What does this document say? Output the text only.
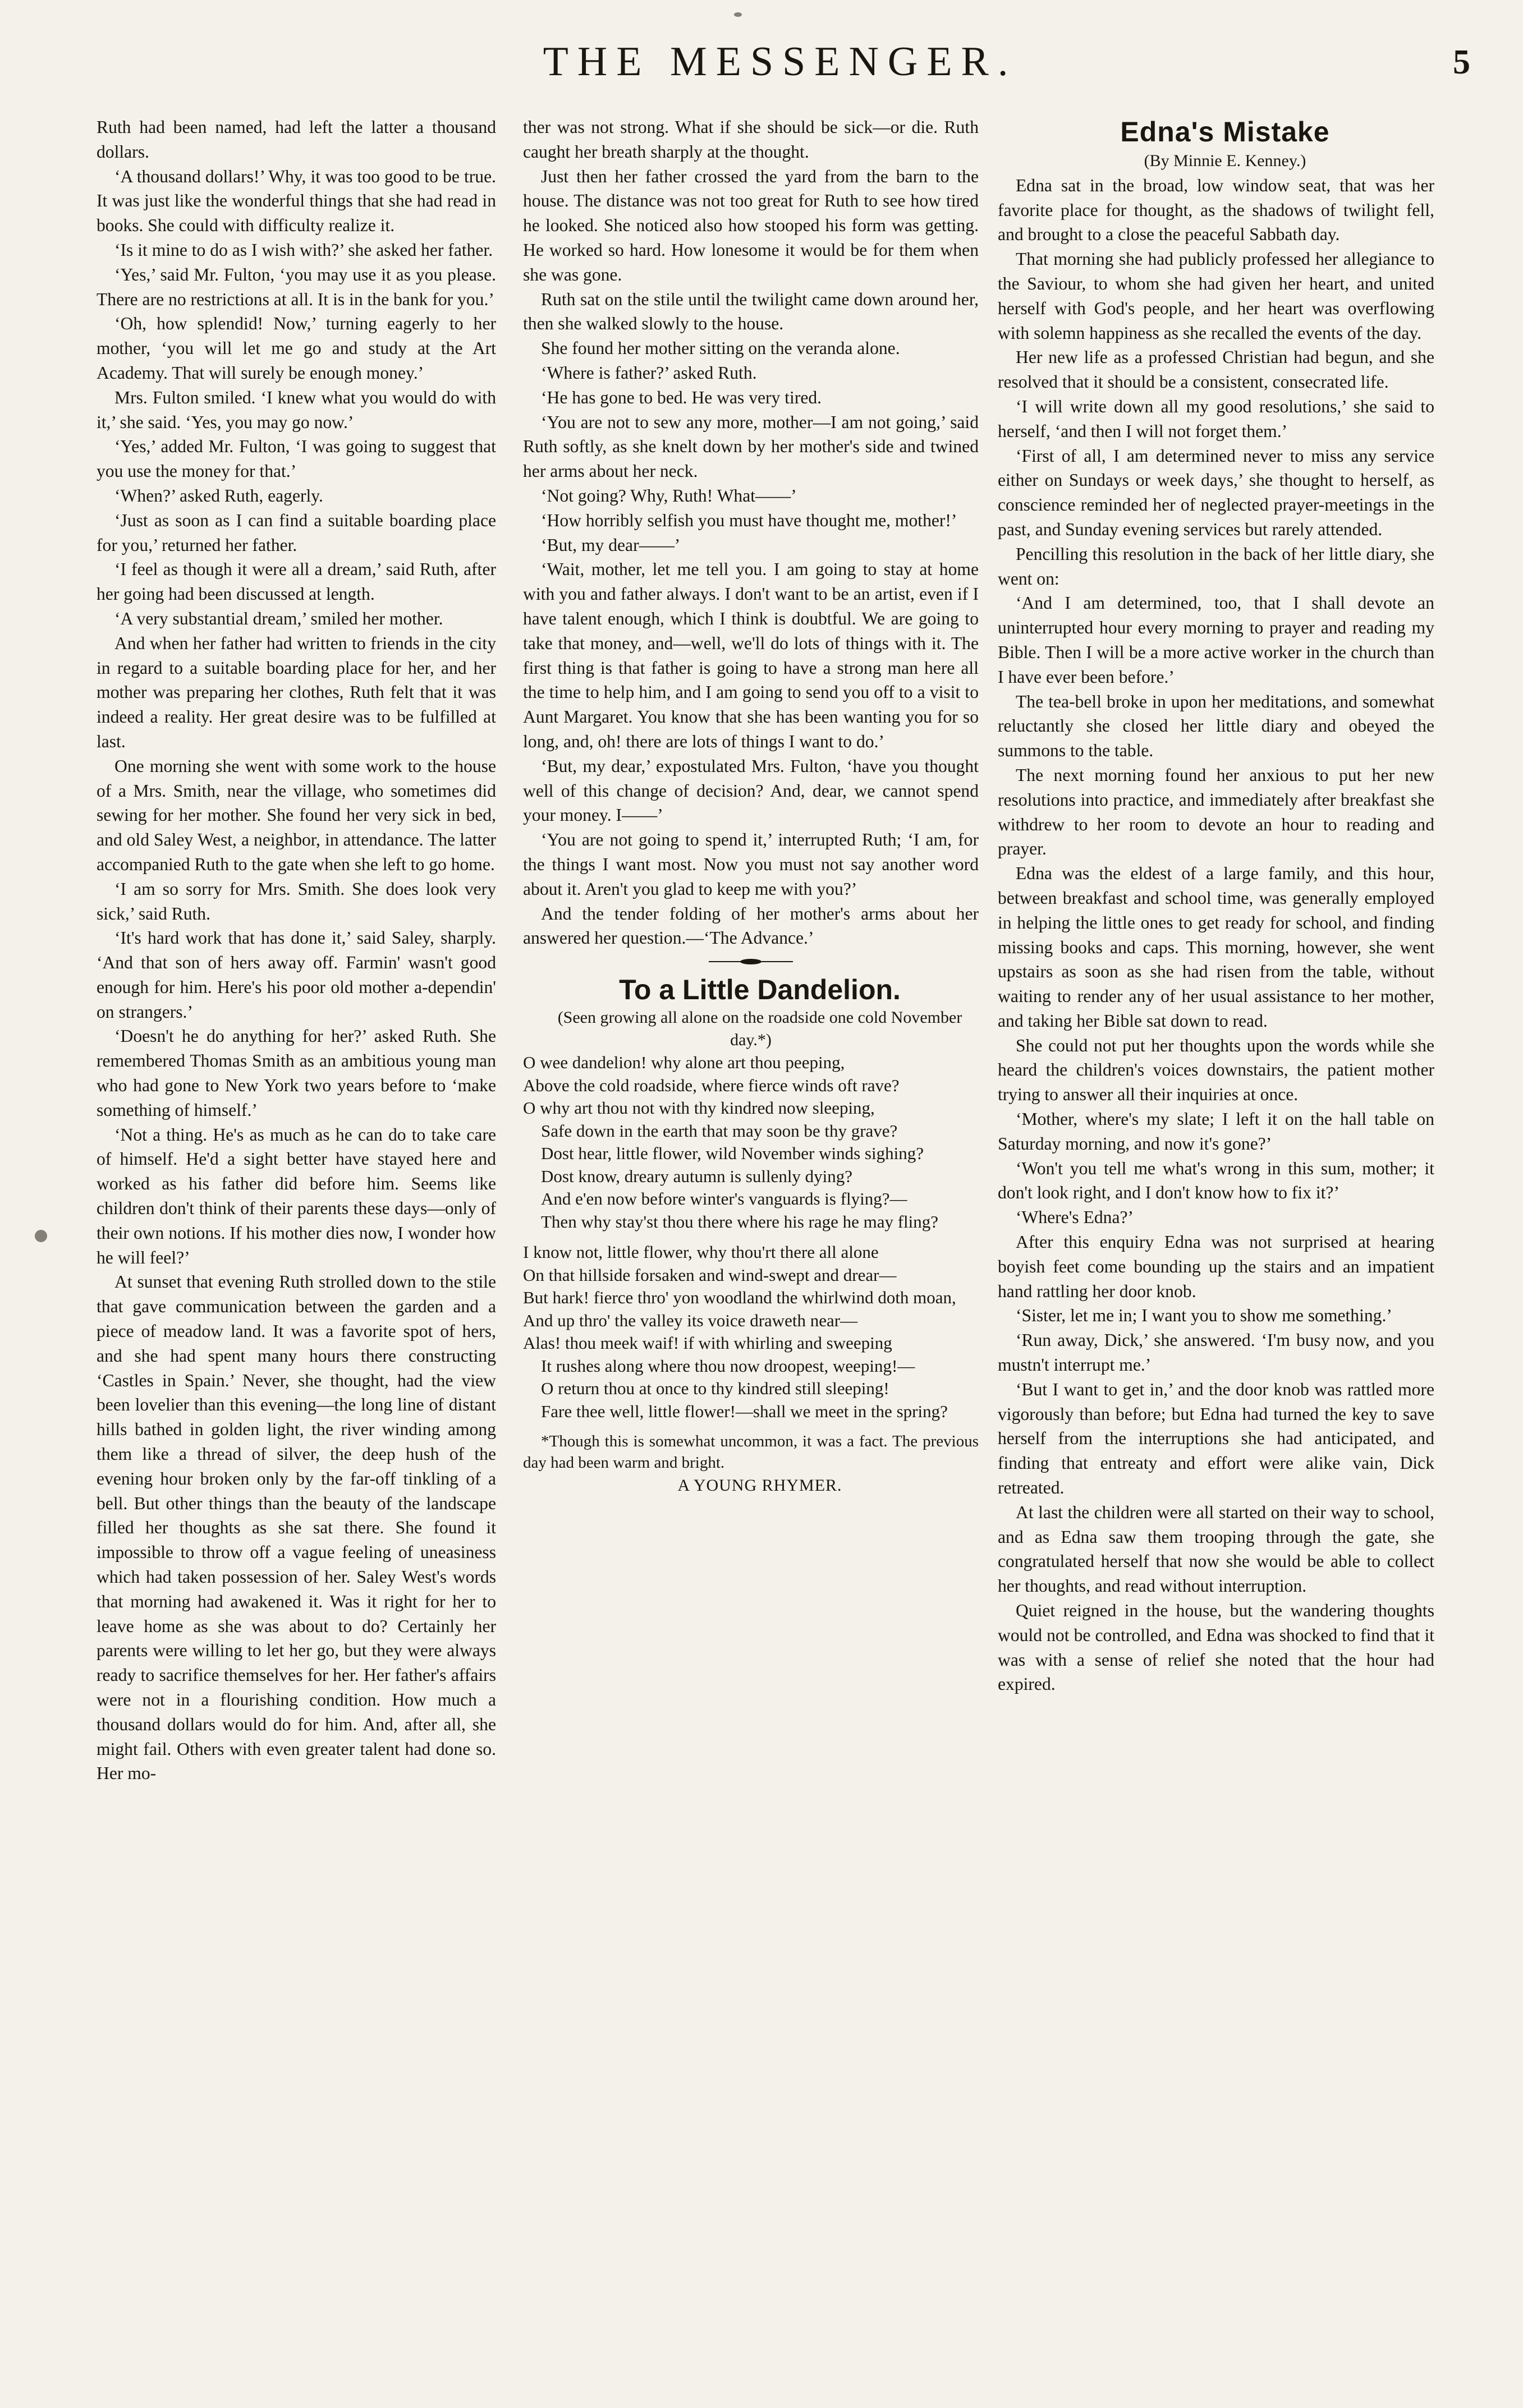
THE MESSENGER.	5

Ruth had been named, had left the latter a thousand dollars.

‘A thousand dollars!’ Why, it was too good to be true. It was just like the wonderful things that she had read in books. She could with difficulty realize it.

‘Is it mine to do as I wish with?’ she asked her father.

‘Yes,’ said Mr. Fulton, ‘you may use it as you please. There are no restrictions at all. It is in the bank for you.’

‘Oh, how splendid! Now,’ turning eagerly to her mother, ‘you will let me go and study at the Art Academy. That will surely be enough money.’

Mrs. Fulton smiled. ‘I knew what you would do with it,’ she said. ‘Yes, you may go now.’

‘Yes,’ added Mr. Fulton, ‘I was going to suggest that you use the money for that.’

‘When?’ asked Ruth, eagerly.

‘Just as soon as I can find a suitable boarding place for you,’ returned her father.

‘I feel as though it were all a dream,’ said Ruth, after her going had been discussed at length.

‘A very substantial dream,’ smiled her mother.

And when her father had written to friends in the city in regard to a suitable boarding place for her, and her mother was preparing her clothes, Ruth felt that it was indeed a reality. Her great desire was to be fulfilled at last.

One morning she went with some work to the house of a Mrs. Smith, near the village, who sometimes did sewing for her mother. She found her very sick in bed, and old Saley West, a neighbor, in attendance. The latter accompanied Ruth to the gate when she left to go home.

‘I am so sorry for Mrs. Smith. She does look very sick,’ said Ruth.

‘It's hard work that has done it,’ said Saley, sharply. ‘And that son of hers away off. Farmin' wasn't good enough for him. Here's his poor old mother a-dependin' on strangers.’

‘Doesn't he do anything for her?’ asked Ruth. She remembered Thomas Smith as an ambitious young man who had gone to New York two years before to ‘make something of himself.’

‘Not a thing. He's as much as he can do to take care of himself. He'd a sight better have stayed here and worked as his father did before him. Seems like children don't think of their parents these days—only of their own notions. If his mother dies now, I wonder how he will feel?’

At sunset that evening Ruth strolled down to the stile that gave communication between the garden and a piece of meadow land. It was a favorite spot of hers, and she had spent many hours there constructing ‘Castles in Spain.’ Never, she thought, had the view been lovelier than this evening—the long line of distant hills bathed in golden light, the river winding among them like a thread of silver, the deep hush of the evening hour broken only by the far-off tinkling of a bell. But other things than the beauty of the landscape filled her thoughts as she sat there. She found it impossible to throw off a vague feeling of uneasiness which had taken possession of her. Saley West's words that morning had awakened it. Was it right for her to leave home as she was about to do? Certainly her parents were willing to let her go, but they were always ready to sacrifice themselves for her. Her father's affairs were not in a flourishing condition. How much a thousand dollars would do for him. And, after all, she might fail. Others with even greater talent had done so. Her mo-

ther was not strong. What if she should be sick—or die. Ruth caught her breath sharply at the thought.

Just then her father crossed the yard from the barn to the house. The distance was not too great for Ruth to see how tired he looked. She noticed also how stooped his form was getting. He worked so hard. How lonesome it would be for them when she was gone.

Ruth sat on the stile until the twilight came down around her, then she walked slowly to the house.

She found her mother sitting on the veranda alone.

‘Where is father?’ asked Ruth.

‘He has gone to bed. He was very tired.

‘You are not to sew any more, mother—I am not going,’ said Ruth softly, as she knelt down by her mother's side and twined her arms about her neck.

‘Not going? Why, Ruth! What——’

‘How horribly selfish you must have thought me, mother!’

‘But, my dear——’

‘Wait, mother, let me tell you. I am going to stay at home with you and father always. I don't want to be an artist, even if I have talent enough, which I think is doubtful. We are going to take that money, and—well, we'll do lots of things with it. The first thing is that father is going to have a strong man here all the time to help him, and I am going to send you off to a visit to Aunt Margaret. You know that she has been wanting you for so long, and, oh! there are lots of things I want to do.’

‘But, my dear,’ expostulated Mrs. Fulton, ‘have you thought well of this change of decision? And, dear, we cannot spend your money. I——’

‘You are not going to spend it,’ interrupted Ruth; ‘I am, for the things I want most. Now you must not say another word about it. Aren't you glad to keep me with you?’

And the tender folding of her mother's arms about her answered her question.—‘The Advance.’

To a Little Dandelion.

(Seen growing all alone on the roadside one cold November day.*)

O wee dandelion! why alone art thou peeping,
Above the cold roadside, where fierce winds oft rave?
O why art thou not with thy kindred now sleeping,
Safe down in the earth that may soon be thy grave?
Dost hear, little flower, wild November winds sighing?
Dost know, dreary autumn is sullenly dying?
And e'en now before winter's vanguards is flying?—
Then why stay'st thou there where his rage he may fling?
I know not, little flower, why thou'rt there all alone
On that hillside forsaken and wind-swept and drear—
But hark! fierce thro' yon woodland the whirlwind doth moan,
And up thro' the valley its voice draweth near—
Alas! thou meek waif! if with whirling and sweeping
It rushes along where thou now droopest, weeping!—
O return thou at once to thy kindred still sleeping!
Fare thee well, little flower!—shall we meet in the spring?

*Though this is somewhat uncommon, it was a fact. The previous day had been warm and bright.

A YOUNG RHYMER.

Edna's Mistake

(By Minnie E. Kenney.)

Edna sat in the broad, low window seat, that was her favorite place for thought, as the shadows of twilight fell, and brought to a close the peaceful Sabbath day.

That morning she had publicly professed her allegiance to the Saviour, to whom she had given her heart, and united herself with God's people, and her heart was overflowing with solemn happiness as she recalled the events of the day.

Her new life as a professed Christian had begun, and she resolved that it should be a consistent, consecrated life.

‘I will write down all my good resolutions,’ she said to herself, ‘and then I will not forget them.’

‘First of all, I am determined never to miss any service either on Sundays or week days,’ she thought to herself, as conscience reminded her of neglected prayer-meetings in the past, and Sunday evening services but rarely attended.

Pencilling this resolution in the back of her little diary, she went on:

‘And I am determined, too, that I shall devote an uninterrupted hour every morning to prayer and reading my Bible. Then I will be a more active worker in the church than I have ever been before.’

The tea-bell broke in upon her meditations, and somewhat reluctantly she closed her little diary and obeyed the summons to the table.

The next morning found her anxious to put her new resolutions into practice, and immediately after breakfast she withdrew to her room to devote an hour to reading and prayer.

Edna was the eldest of a large family, and this hour, between breakfast and school time, was generally employed in helping the little ones to get ready for school, and finding missing books and caps. This morning, however, she went upstairs as soon as she had risen from the table, without waiting to render any of her usual assistance to her mother, and taking her Bible sat down to read.

She could not put her thoughts upon the words while she heard the children's voices downstairs, the patient mother trying to answer all their inquiries at once.

‘Mother, where's my slate; I left it on the hall table on Saturday morning, and now it's gone?’

‘Won't you tell me what's wrong in this sum, mother; it don't look right, and I don't know how to fix it?’

‘Where's Edna?’

After this enquiry Edna was not surprised at hearing boyish feet come bounding up the stairs and an impatient hand rattling her door knob.

‘Sister, let me in; I want you to show me something.’

‘Run away, Dick,’ she answered. ‘I'm busy now, and you mustn't interrupt me.’

‘But I want to get in,’ and the door knob was rattled more vigorously than before; but Edna had turned the key to save herself from the interruptions she had anticipated, and finding that entreaty and effort were alike vain, Dick retreated.

At last the children were all started on their way to school, and as Edna saw them trooping through the gate, she congratulated herself that now she would be able to collect her thoughts, and read without interruption.

Quiet reigned in the house, but the wandering thoughts would not be controlled, and Edna was shocked to find that it was with a sense of relief she noted that the hour had expired.
